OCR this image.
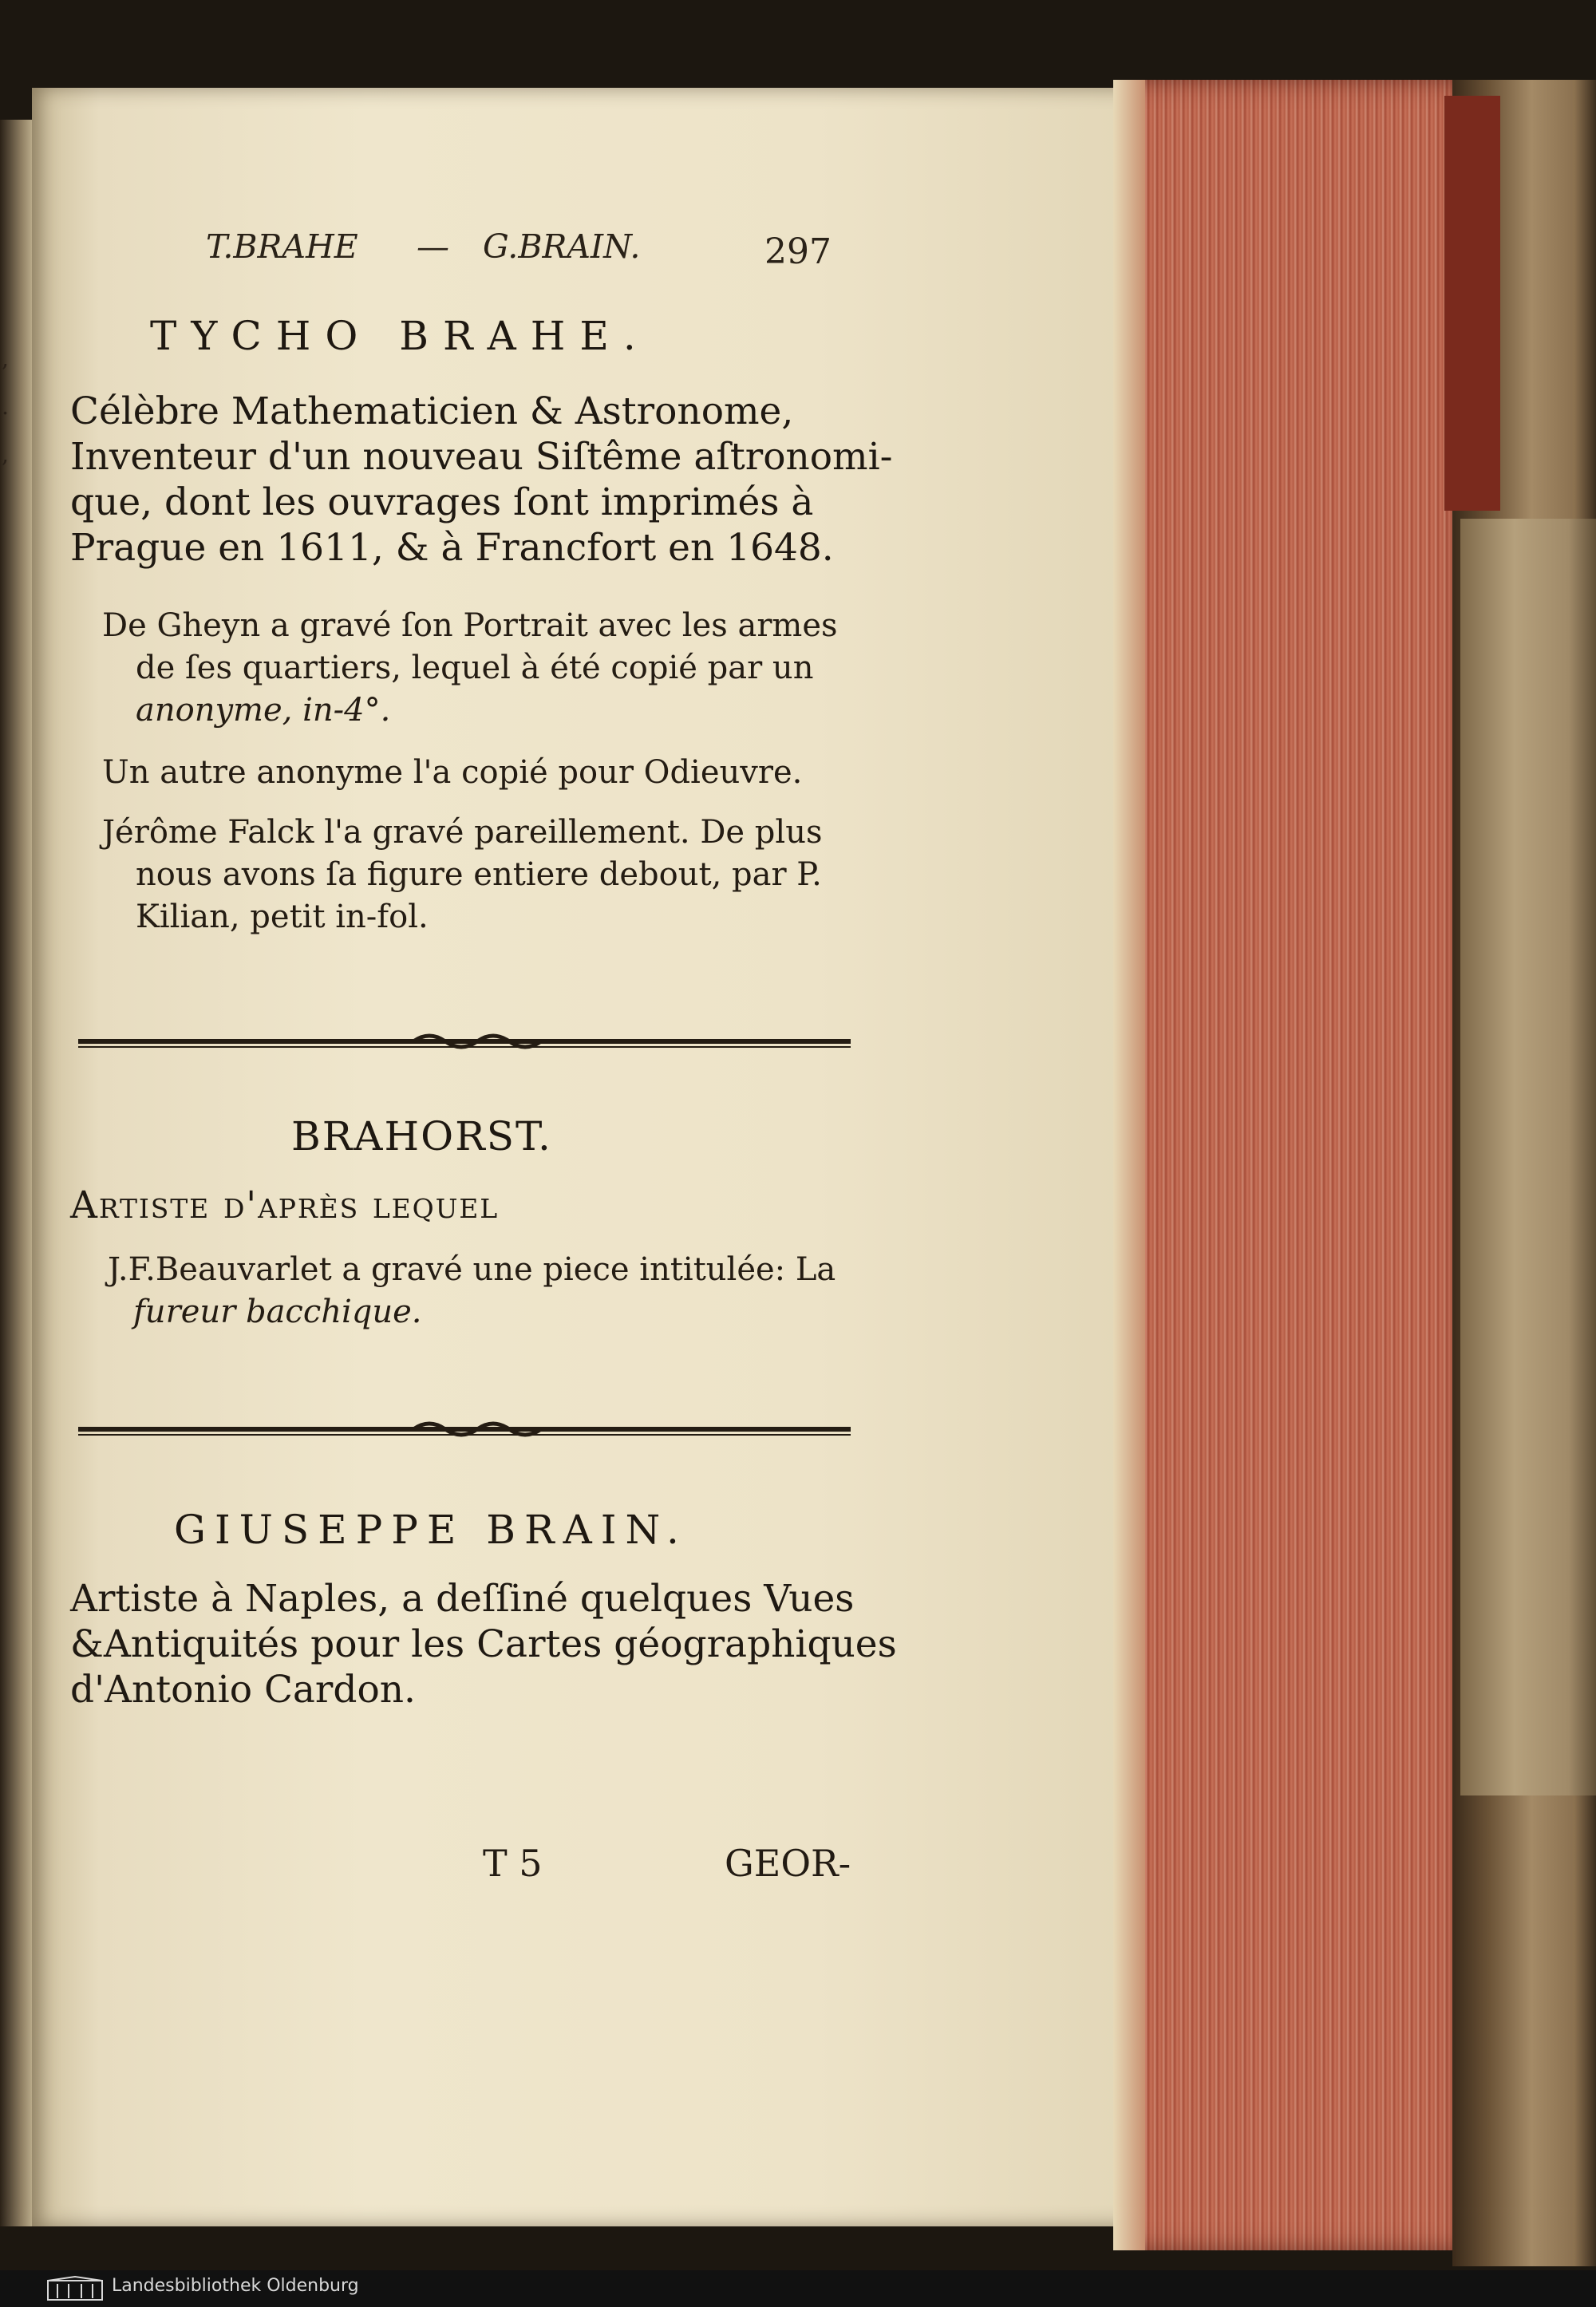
,
.
,
T.BRAHE — G.BRAIN.	297
TYCHO BRAHE.
Célèbre Mathematicien & Astronome,
Inventeur d'un nouveau Siſtême aſtronomi-
que, dont les ouvrages ſont imprimés à
Prague en 1611, & à Francfort en 1648.
De Gheyn a gravé ſon Portrait avec les armes
de ſes quartiers, lequel à été copié par un
anonyme, in-4°.
Un autre anonyme l'a copié pour Odieuvre.
Jérôme Falck l'a gravé pareillement. De plus
nous avons ſa figure entiere debout, par P.
Kilian, petit in-fol.
BRAHORST.
Artiste d'après lequel
J.F.Beauvarlet a gravé une piece intitulée: La
fureur bacchique.
GIUSEPPE BRAIN.
Artiste à Naples, a deſſiné quelques Vues
&Antiquités pour les Cartes géographiques
d'Antonio Cardon.
T 5	GEOR-
Landesbibliothek Oldenburg
